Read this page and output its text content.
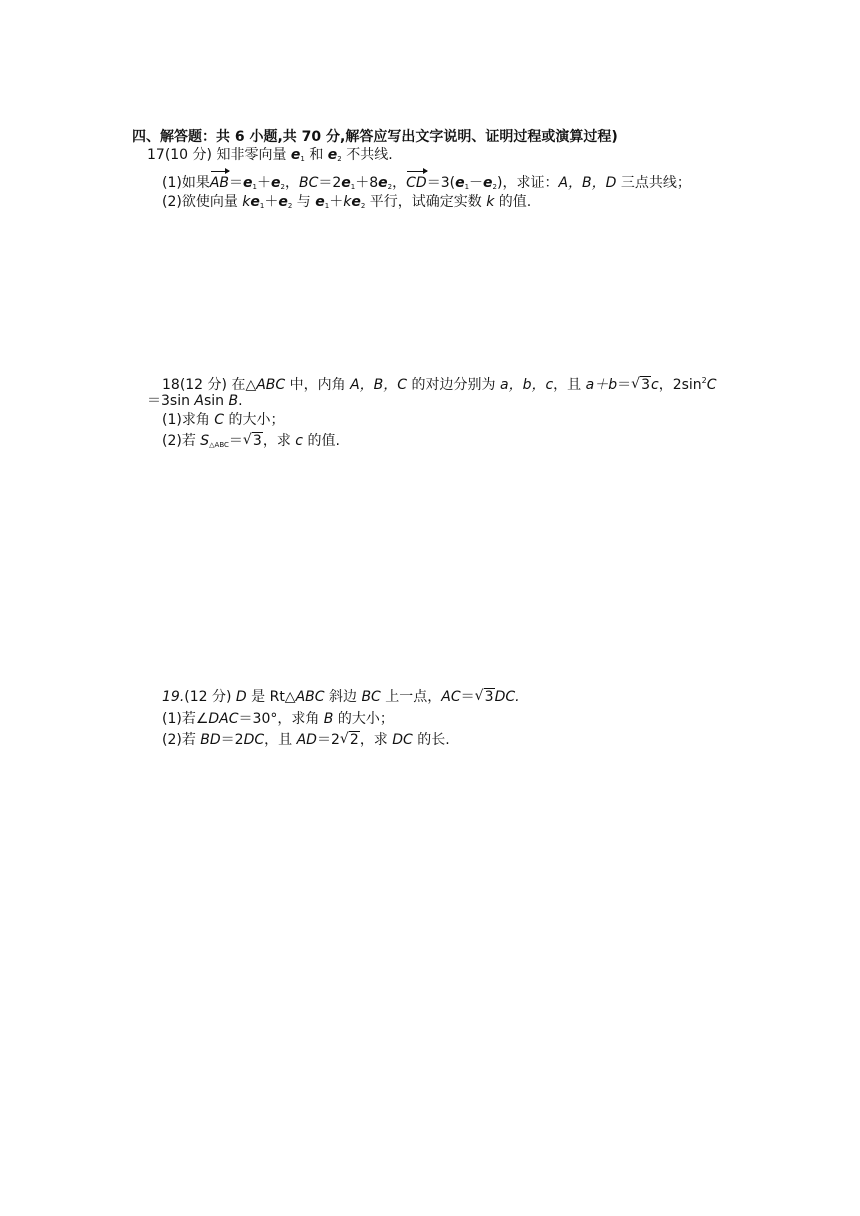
四、解答题：共 6 小题,共 70 分,解答应写出文字说明、证明过程或演算过程)
17(10 分) 知非零向量 $e_1$ 和 $e_2$ 不共线.
(1)如果$AB=e_1+e_2$，$BC=2e_1+8e_2$，$CD=3(e_1-e_2)$，求证：A，B，D 三点共线；
(2)欲使向量 $ke_1+e_2$ 与 $e_1+ke_2$ 平行，试确定实数 k 的值.
18(12 分) 在△ABC 中，内角 A，B，C 的对边分别为 a，b，c，且 a＋b＝√ 3c，$2\sin^2C$
＝3sin Asin B.
(1)求角 C 的大小；
(2)若 $S_{\triangle ABC}=√$ 3，求 c 的值.
19.(12 分) D 是 Rt△ABC 斜边 BC 上一点，AC＝√ 3DC.
(1)若∠DAC＝30°，求角 B 的大小；
(2)若 BD＝2DC，且 AD＝2√ 2，求 DC 的长.
